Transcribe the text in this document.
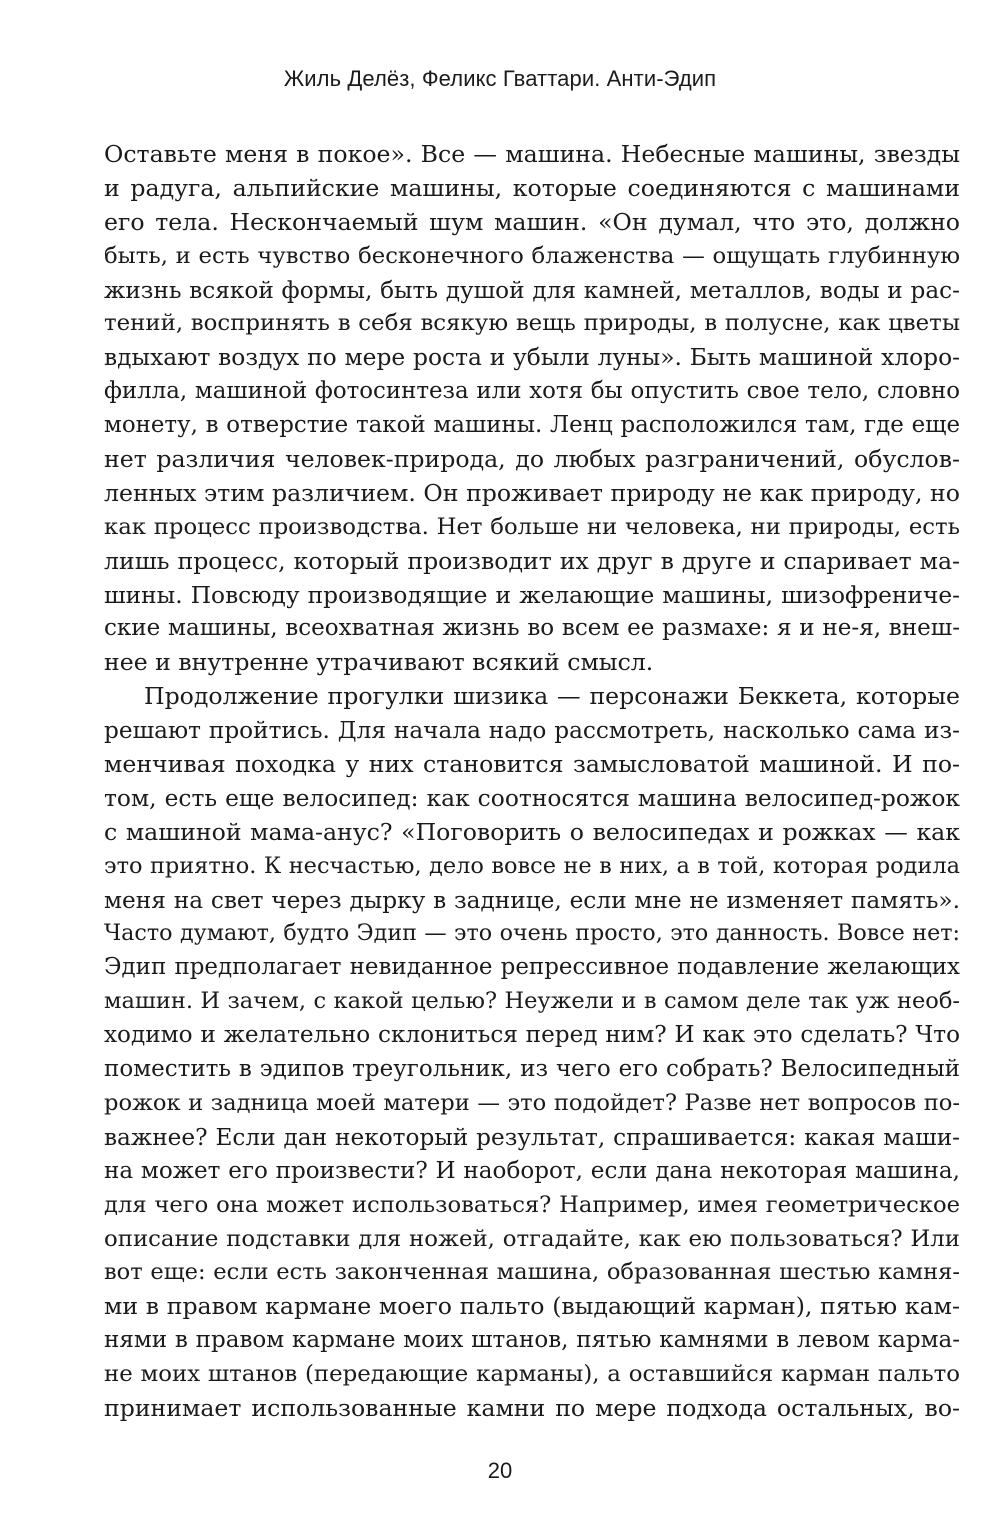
Жиль Делёз, Феликс Гваттари. Анти-Эдип

Оставьте меня в покое». Все — машина. Небесные машины, звезды
и радуга, альпийские машины, которые соединяются с машинами
его тела. Нескончаемый шум машин. «Он думал, что это, должно
быть, и есть чувство бесконечного блаженства — ощущать глубинную
жизнь всякой формы, быть душой для камней, металлов, воды и рас-
тений, воспринять в себя всякую вещь природы, в полусне, как цветы
вдыхают воздух по мере роста и убыли луны». Быть машиной хлоро-
филла, машиной фотосинтеза или хотя бы опустить свое тело, словно
монету, в отверстие такой машины. Ленц расположился там, где еще
нет различия человек-природа, до любых разграничений, обуслов-
ленных этим различием. Он проживает природу не как природу, но
как процесс производства. Нет больше ни человека, ни природы, есть
лишь процесс, который производит их друг в друге и спаривает ма-
шины. Повсюду производящие и желающие машины, шизофрениче-
ские машины, всеохватная жизнь во всем ее размахе: я и не-я, внеш-
нее и внутренне утрачивают всякий смысл.

Продолжение прогулки шизика — персонажи Беккета, которые
решают пройтись. Для начала надо рассмотреть, насколько сама из-
менчивая походка у них становится замысловатой машиной. И по-
том, есть еще велосипед: как соотносятся машина велосипед-рожок
с машиной мама-анус? «Поговорить о велосипедах и рожках — как
это приятно. К несчастью, дело вовсе не в них, а в той, которая родила
меня на свет через дырку в заднице, если мне не изменяет память».
Часто думают, будто Эдип — это очень просто, это данность. Вовсе нет:
Эдип предполагает невиданное репрессивное подавление желающих
машин. И зачем, с какой целью? Неужели и в самом деле так уж необ-
ходимо и желательно склониться перед ним? И как это сделать? Что
поместить в эдипов треугольник, из чего его собрать? Велосипедный
рожок и задница моей матери — это подойдет? Разве нет вопросов по-
важнее? Если дан некоторый результат, спрашивается: какая маши-
на может его произвести? И наоборот, если дана некоторая машина,
для чего она может использоваться? Например, имея геометрическое
описание подставки для ножей, отгадайте, как ею пользоваться? Или
вот еще: если есть законченная машина, образованная шестью камня-
ми в правом кармане моего пальто (выдающий карман), пятью кам-
нями в правом кармане моих штанов, пятью камнями в левом карма-
не моих штанов (передающие карманы), а оставшийся карман пальто
принимает использованные камни по мере подхода остальных, во-

20
